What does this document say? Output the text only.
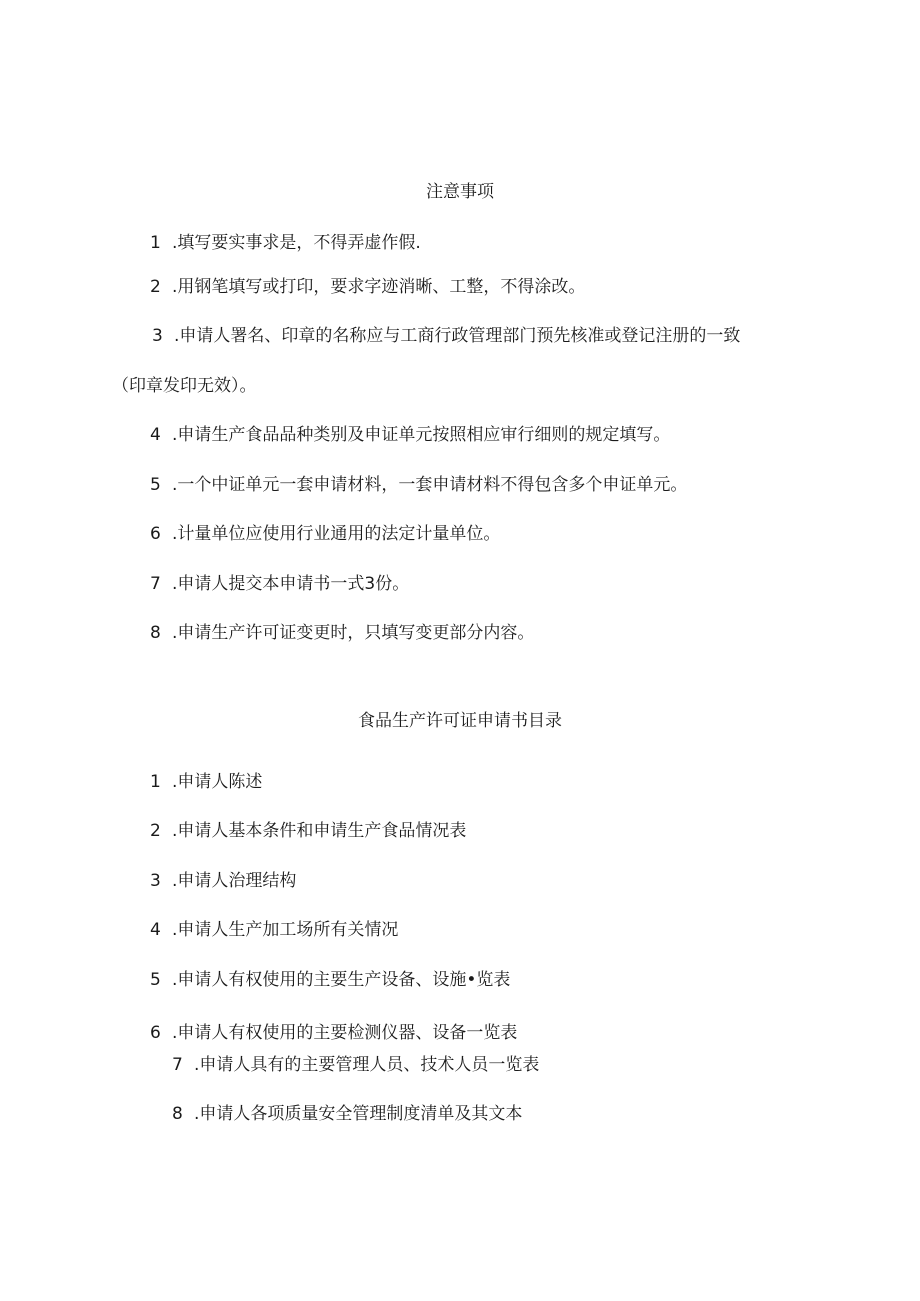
注意事项
1 .填写要实事求是，不得弄虚作假.
2 .用钢笔填写或打印，要求字迹消晰、工整，不得涂改。
3 .申请人署名、印章的名称应与工商行政管理部门预先核准或登记注册的一致
（印章发印无效）。
4 .申请生产食品品种类别及申证单元按照相应审行细则的规定填写。
5 .一个中证单元一套申请材料，一套申请材料不得包含多个申证单元。
6 .计量单位应使用行业通用的法定计量单位。
7 .申请人提交本申请书一式3份。
8 .申请生产许可证变更时，只填写变更部分内容。
食品生产许可证申请书目录
1 .申请人陈述
2 .申请人基本条件和申请生产食品情况表
3 .申请人治理结构
4 .申请人生产加工场所有关情况
5 .申请人有权使用的主要生产设备、设施•览表
6 .申请人有权使用的主要检测仪器、设备一览表
7 .申请人具有的主要管理人员、技术人员一览表
8 .申请人各项质量安全管理制度清单及其文本
